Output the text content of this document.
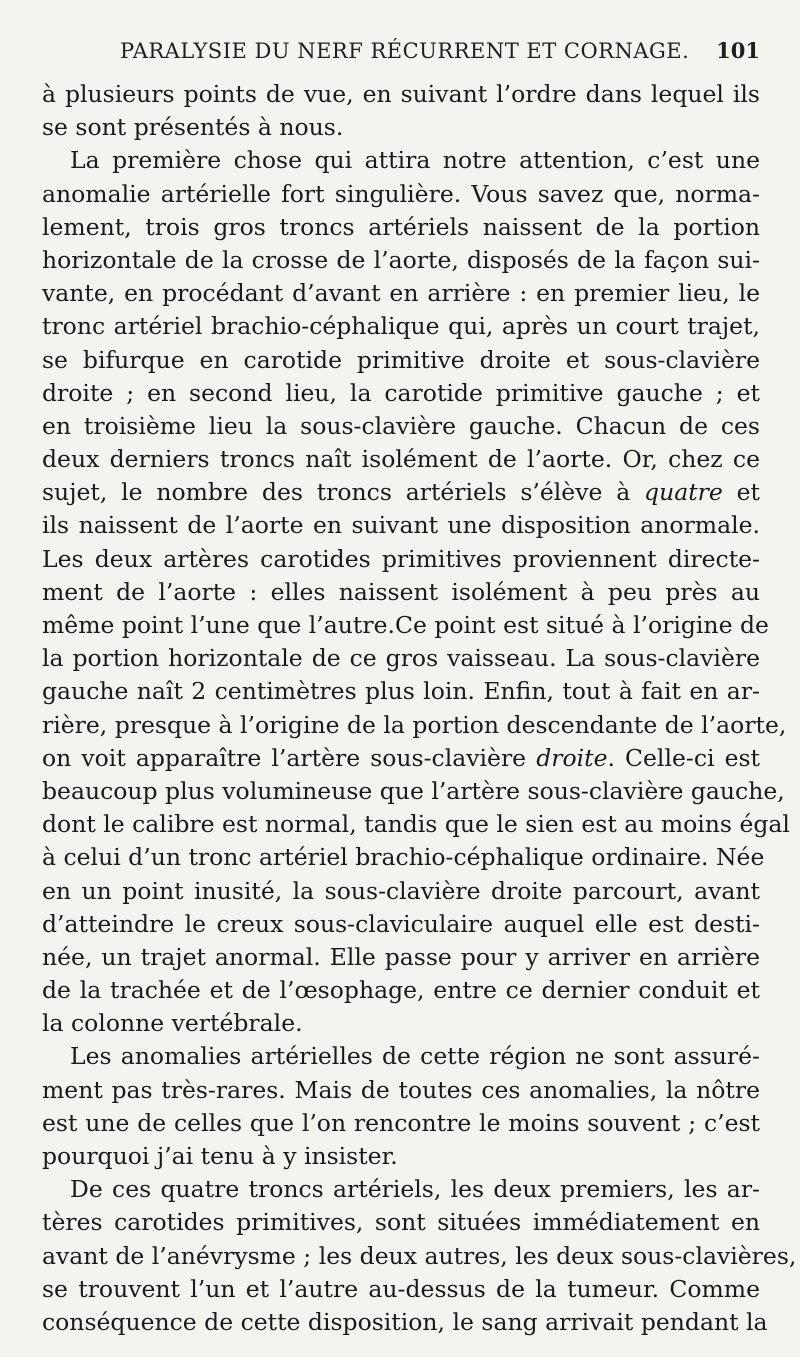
PARALYSIE DU NERF RÉCURRENT ET CORNAGE. 101
à plusieurs points de vue, en suivant l’ordre dans lequel ils
se sont présentés à nous.
La première chose qui attira notre attention, c’est une
anomalie artérielle fort singulière. Vous savez que, norma-
lement, trois gros troncs artériels naissent de la portion
horizontale de la crosse de l’aorte, disposés de la façon sui-
vante, en procédant d’avant en arrière : en premier lieu, le
tronc artériel brachio-céphalique qui, après un court trajet,
se bifurque en carotide primitive droite et sous-clavière
droite ; en second lieu, la carotide primitive gauche ; et
en troisième lieu la sous-clavière gauche. Chacun de ces
deux derniers troncs naît isolément de l’aorte. Or, chez ce
sujet, le nombre des troncs artériels s’élève à quatre et
ils naissent de l’aorte en suivant une disposition anormale.
Les deux artères carotides primitives proviennent directe-
ment de l’aorte : elles naissent isolément à peu près au
même point l’une que l’autre.Ce point est situé à l’origine de
la portion horizontale de ce gros vaisseau. La sous-clavière
gauche naît 2 centimètres plus loin. Enfin, tout à fait en ar-
rière, presque à l’origine de la portion descendante de l’aorte,
on voit apparaître l’artère sous-clavière droite. Celle-ci est
beaucoup plus volumineuse que l’artère sous-clavière gauche,
dont le calibre est normal, tandis que le sien est au moins égal
à celui d’un tronc artériel brachio-céphalique ordinaire. Née
en un point inusité, la sous-clavière droite parcourt, avant
d’atteindre le creux sous-claviculaire auquel elle est desti-
née, un trajet anormal. Elle passe pour y arriver en arrière
de la trachée et de l’œsophage, entre ce dernier conduit et
la colonne vertébrale.
Les anomalies artérielles de cette région ne sont assuré-
ment pas très-rares. Mais de toutes ces anomalies, la nôtre
est une de celles que l’on rencontre le moins souvent ; c’est
pourquoi j’ai tenu à y insister.
De ces quatre troncs artériels, les deux premiers, les ar-
tères carotides primitives, sont situées immédiatement en
avant de l’anévrysme ; les deux autres, les deux sous-clavières,
se trouvent l’un et l’autre au-dessus de la tumeur. Comme
conséquence de cette disposition, le sang arrivait pendant la
